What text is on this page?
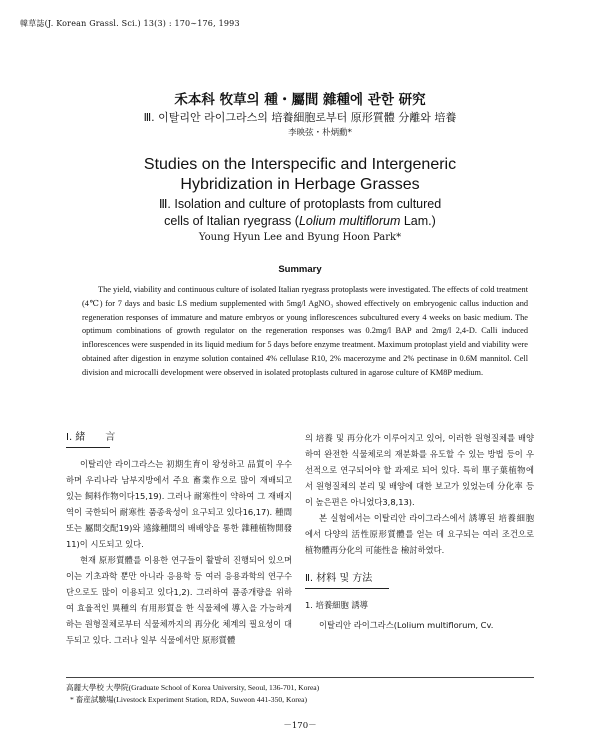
韓草誌(J. Korean Grassl. Sci.) 13(3) : 170∼176, 1993
禾本科 牧草의 種・屬間 雜種에 관한 研究
Ⅲ. 이탈리안 라이그라스의 培養細胞로부터 原形質體 分離와 培養
李映弦・朴炳勳*
Studies on the Interspecific and Intergeneric
Hybridization in Herbage Grasses
Ⅲ. Isolation and culture of protoplasts from cultured
cells of Italian ryegrass (Lolium multiflorum Lam.)
Young Hyun Lee and Byung Hoon Park*
Summary
The yield, viability and continuous culture of isolated Italian ryegrass protoplasts were investigated. The effects of cold treatment (4℃) for 7 days and basic LS medium supplemented with 5mg/l AgNO₃ showed effectively on embryogenic callus induction and regeneration responses of immature and mature embryos or young inflorescences subcultured every 4 weeks on basic medium. The optimum combinations of growth regulator on the regeneration responses was 0.2mg/l BAP and 2mg/l 2,4-D. Calli induced inflorescences were suspended in its liquid medium for 5 days before enzyme treatment. Maximum protoplast yield and viability were obtained after digestion in enzyme solution contained 4% cellulase R10, 2% macerozyme and 2% pectinase in 0.6M mannitol. Cell division and microcalli development were observed in isolated protoplasts cultured in agarose culture of KM8P medium.
Ⅰ. 緒　　言

이탈리안 라이그라스는 初期生育이 왕성하고 品質이 우수하며 우리나라 남부지방에서 주요 畜業作으로 많이 재배되고 있는 飼料作物이다15,19). 그러나 耐寒性이 약하여 그 재배지역이 국한되어 耐寒性 품종육성이 요구되고 있다16,17). 種間 또는 屬間交配19)와 遠緣種間의 배배양을 통한 雜種植物開發11)이 시도되고 있다.

현재 原形質體를 이용한 연구들이 활발히 진행되어 있으며 이는 기초과학 뿐만 아니라 응용학 등 여러 응용과학의 연구수단으로도 많이 이용되고 있다1,2). 그러하여 품종개량을 위하여 효율적인 異種의 有用形質을 한 식물체에 導入을 가능하게 하는 원형질체로부터 식물체까지의 再分化 체계의 필요성이 대두되고 있다. 그러나 일부 식물에서만 原形質體

의 培養 및 再分化가 이루어지고 있어, 이러한 원형질체를 배양하여 완전한 식물체로의 재분화를 유도할 수 있는 방법 등이 우선적으로 연구되어야 할 과제로 되어 있다. 특히 單子葉植物에서 원형질체의 분리 및 배양에 대한 보고가 있었는데 分化率 등이 높은편은 아니었다3,8,13).

본 실험에서는 이탈리안 라이그라스에서 誘導된 培養細胞에서 다양의 活性原形質體를 얻는 데 요구되는 여러 조건으로 植物體再分化의 可能性을 檢討하였다.

Ⅱ. 材料 및 方法
1. 培養細胞 誘導

이탈리안 라이그라스(Lolium multiflorum, Cv.

高麗大學校 大學院(Graduate School of Korea University, Seoul, 136-701, Korea)
* 畜産試驗場(Livestock Experiment Station, RDA, Suweon 441-350, Korea)
－170－
